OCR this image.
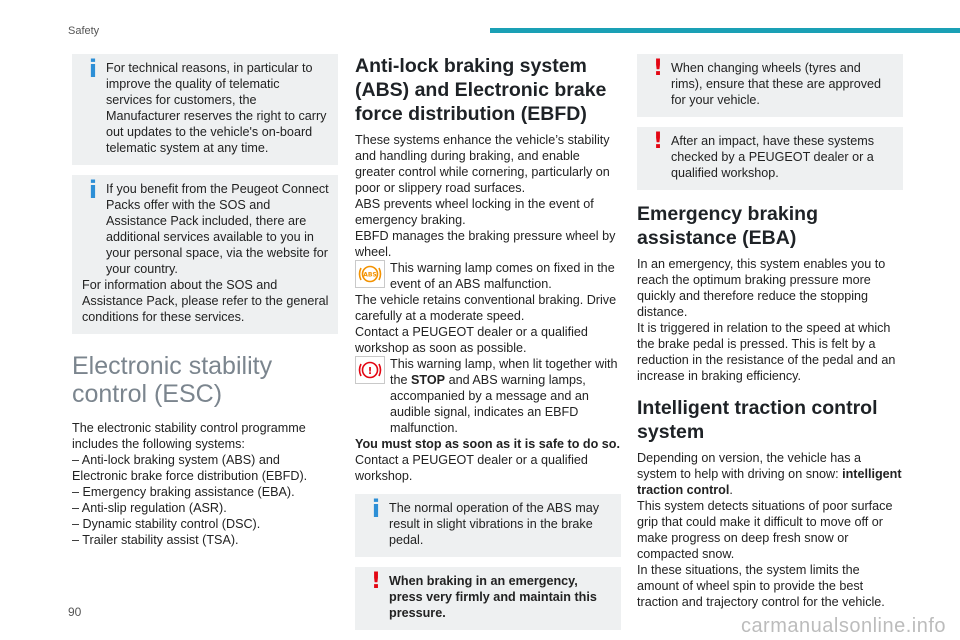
Safety
i For technical reasons, in particular to improve the quality of telematic services for customers, the Manufacturer reserves the right to carry out updates to the vehicle's on-board telematic system at any time.

i If you benefit from the Peugeot Connect Packs offer with the SOS and Assistance Pack included, there are additional services available to you in your personal space, via the website for your country.

For information about the SOS and Assistance Pack, please refer to the general conditions for these services.

Electronic stability control (ESC)

The electronic stability control programme includes the following systems:

– Anti-lock braking system (ABS) and Electronic brake force distribution (EBFD).

– Emergency braking assistance (EBA).

– Anti-slip regulation (ASR).

– Dynamic stability control (DSC).

– Trailer stability assist (TSA).

Anti-lock braking system (ABS) and Electronic brake force distribution (EBFD)

These systems enhance the vehicle’s stability and handling during braking, and enable greater control while cornering, particularly on poor or slippery road surfaces.

ABS prevents wheel locking in the event of emergency braking.

EBFD manages the braking pressure wheel by wheel.

ABS This warning lamp comes on fixed in the event of an ABS malfunction.

The vehicle retains conventional braking. Drive carefully at a moderate speed.

Contact a PEUGEOT dealer or a qualified workshop as soon as possible.

!

This warning lamp, when lit together with the STOP and ABS warning lamps, accompanied by a message and an audible signal, indicates an EBFD malfunction.

You must stop as soon as it is safe to do so.

Contact a PEUGEOT dealer or a qualified workshop.

i The normal operation of the ABS may result in slight vibrations in the brake pedal.

! When braking in an emergency, press very firmly and maintain this pressure.

! When changing wheels (tyres and rims), ensure that these are approved for your vehicle.

! After an impact, have these systems checked by a PEUGEOT dealer or a qualified workshop.

Emergency braking assistance (EBA)

In an emergency, this system enables you to reach the optimum braking pressure more quickly and therefore reduce the stopping distance.

It is triggered in relation to the speed at which the brake pedal is pressed. This is felt by a reduction in the resistance of the pedal and an increase in braking efficiency.

Intelligent traction control system

Depending on version, the vehicle has a system to help with driving on snow: intelligent traction control.

This system detects situations of poor surface grip that could make it difficult to move off or make progress on deep fresh snow or compacted snow.

In these situations, the system limits the amount of wheel spin to provide the best traction and trajectory control for the vehicle.

90
carmanualsonline.info
